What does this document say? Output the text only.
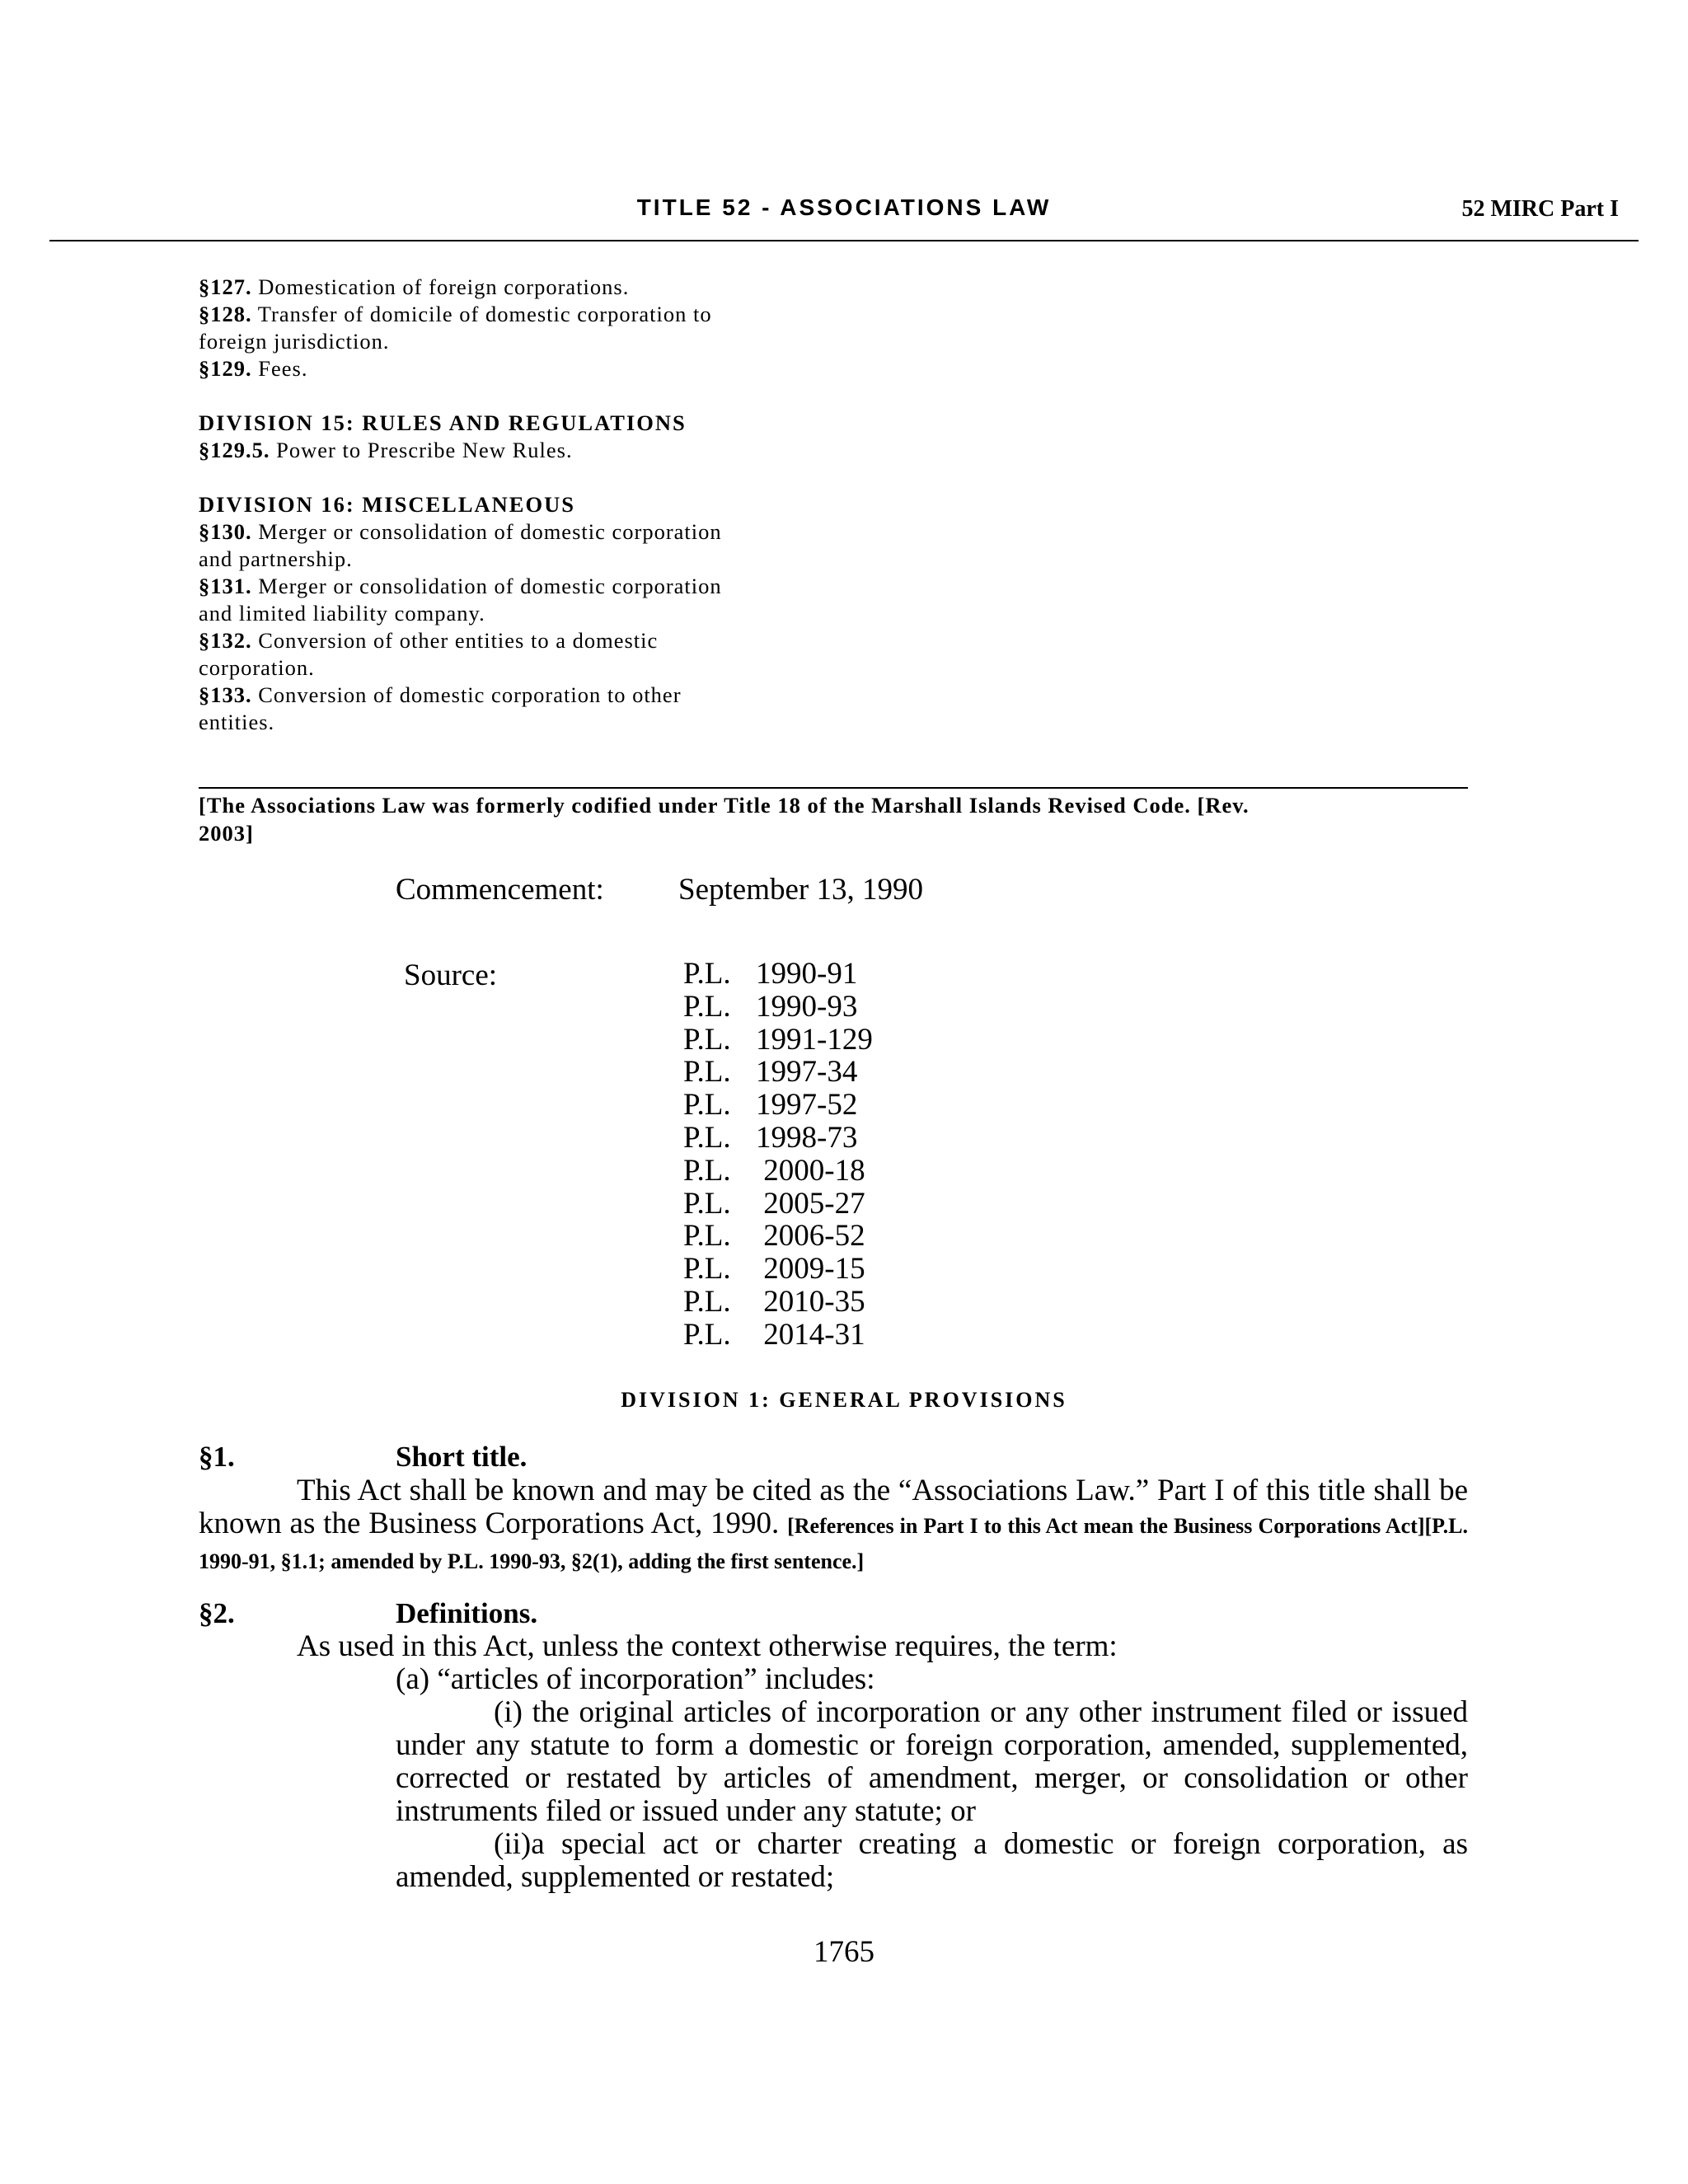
TITLE 52 - ASSOCIATIONS LAW	52 MIRC Part I

§127. Domestication of foreign corporations.

§128. Transfer of domicile of domestic corporation to

foreign jurisdiction.

§129. Fees.

DIVISION 15: RULES AND REGULATIONS

§129.5. Power to Prescribe New Rules.

DIVISION 16: MISCELLANEOUS

§130. Merger or consolidation of domestic corporation

and partnership.

§131. Merger or consolidation of domestic corporation

and limited liability company.

§132. Conversion of other entities to a domestic

corporation.

§133. Conversion of domestic corporation to other

entities.

[The Associations Law was formerly codified under Title 18 of the Marshall Islands Revised Code. [Rev.
2003]
Commencement: September 13, 1990
Source:	P.L. 1990-91
P.L. 1990-93
P.L. 1991-129
P.L. 1997-34
P.L. 1997-52
P.L. 1998-73
P.L. 2000-18
P.L. 2005-27
P.L. 2006-52
P.L. 2009-15
P.L. 2010-35
P.L. 2014-31
DIVISION 1: GENERAL PROVISIONS
§1.	Short title.

This Act shall be known and may be cited as the “Associations Law.” Part I of this title shall be known as the Business Corporations Act, 1990. [References in Part I to this Act mean the Business Corporations Act][P.L. 1990-91, §1.1; amended by P.L. 1990-93, §2(1), adding the first sentence.]

§2.	Definitions.
As used in this Act, unless the context otherwise requires, the term:
(a) “articles of incorporation” includes:

(i) the original articles of incorporation or any other instrument filed or issued under any statute to form a domestic or foreign corporation, amended, supplemented, corrected or restated by articles of amendment, merger, or consolidation or other instruments filed or issued under any statute; or

(ii)a special act or charter creating a domestic or foreign corporation, as amended, supplemented or restated;

1765
